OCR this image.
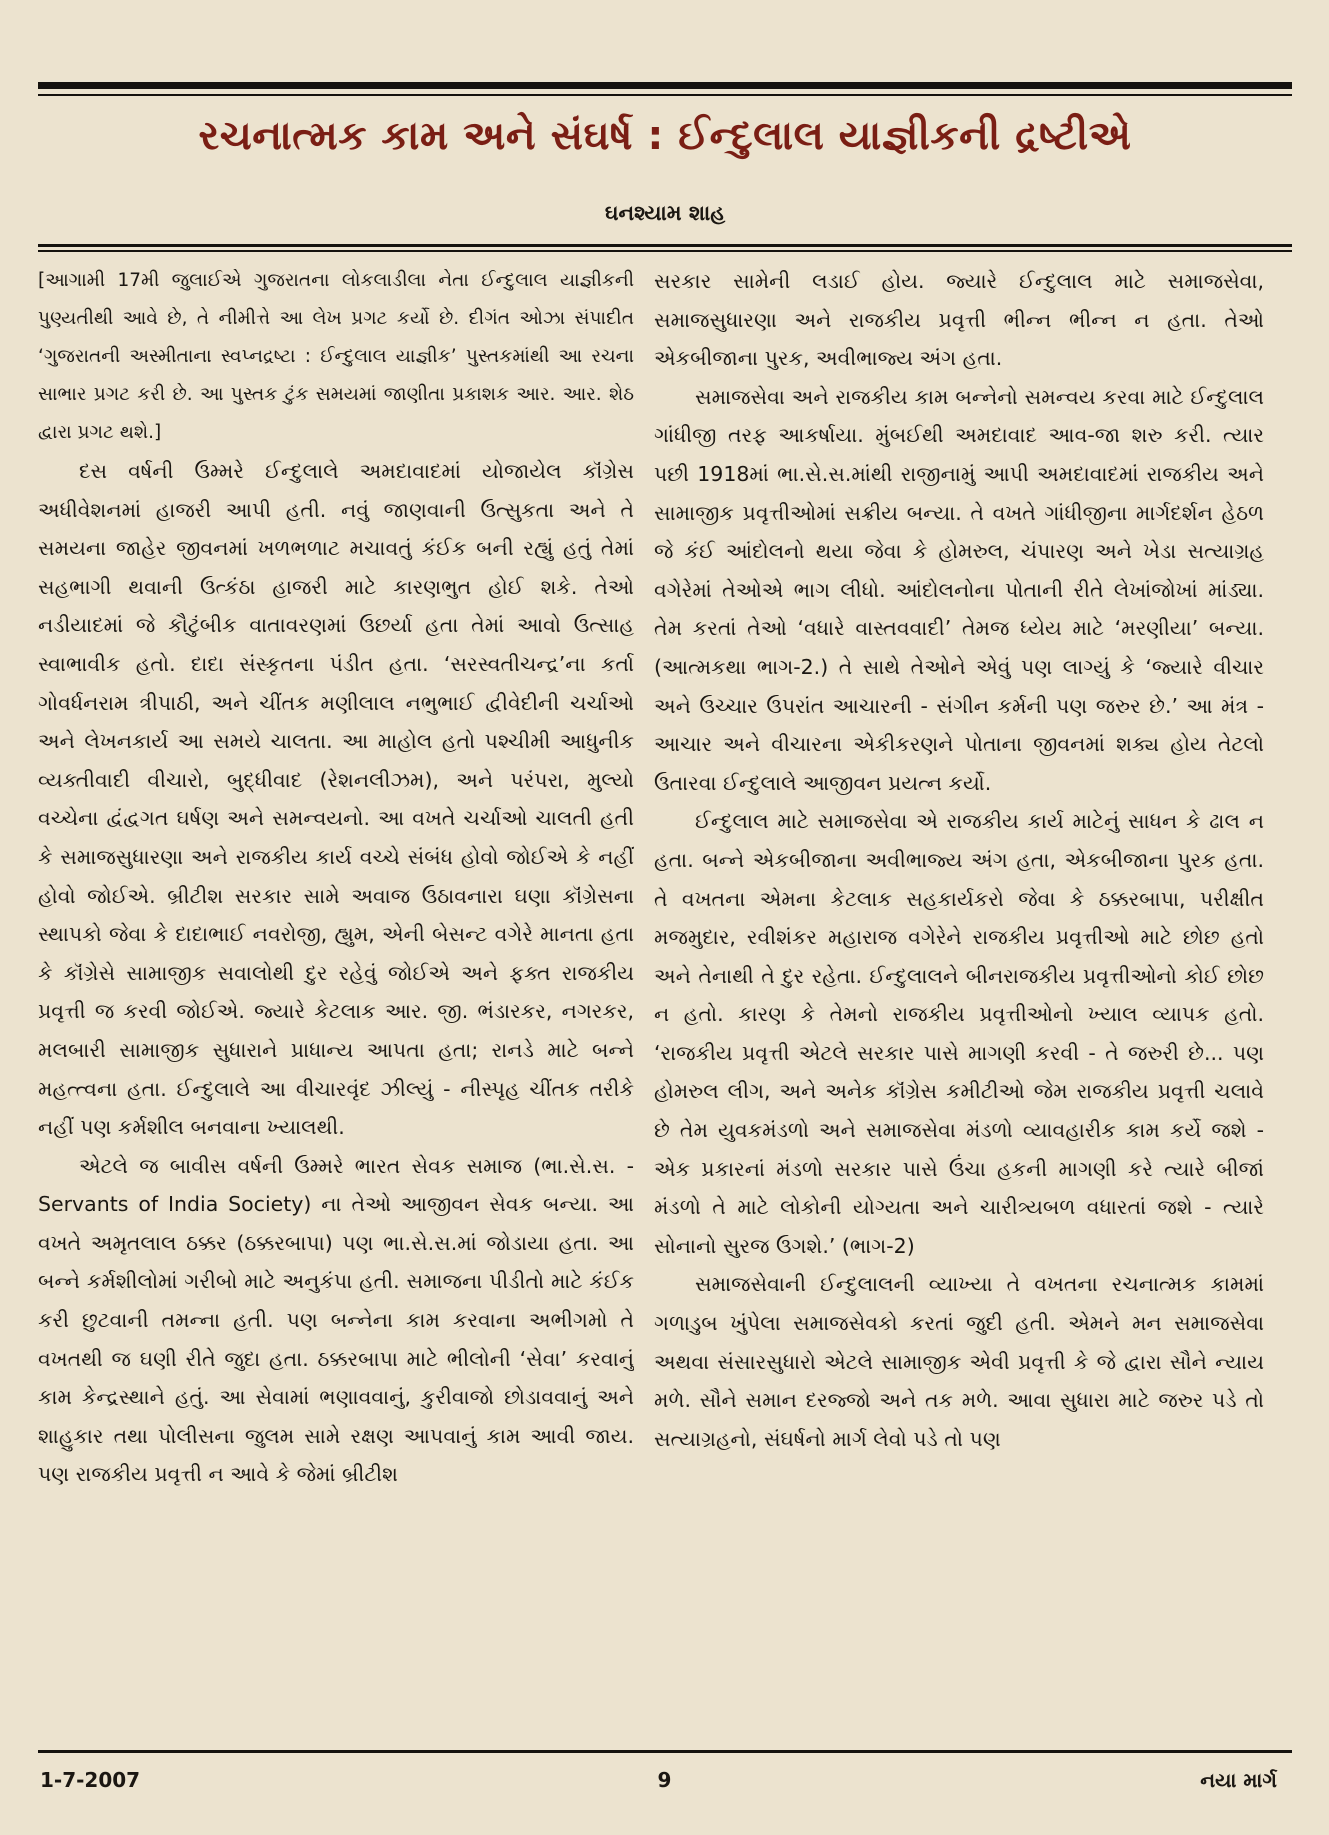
રચનાત્મક કામ અને સંઘર્ષ : ઈન્દુલાલ યાજ્ઞીકની દ્રષ્ટીએ
ઘનશ્યામ શાહ

[આગામી 17મી જુલાઈએ ગુજરાતના લોકલાડીલા નેતા ઈન્દુલાલ યાજ્ઞીકની પુણ્યતીથી આવે છે, તે નીમીત્તે આ લેખ પ્રગટ કર્યો છે. દીગંત ઓઝા સંપાદીત ‘ગુજરાતની અસ્મીતાના સ્વપ્નદ્રષ્ટા : ઈન્દુલાલ યાજ્ઞીક’ પુસ્તકમાંથી આ રચના સાભાર પ્રગટ કરી છે. આ પુસ્તક ટુંક સમયમાં જાણીતા પ્રકાશક આર. આર. શેઠ દ્વારા પ્રગટ થશે.]

દસ વર્ષની ઉમ્મરે ઈન્દુલાલે અમદાવાદમાં યોજાયેલ કૉંગ્રેસ અધીવેશનમાં હાજરી આપી હતી. નવું જાણવાની ઉત્સુકતા અને તે સમયના જાહેર જીવનમાં ખળભળાટ મચાવતું કંઈક બની રહ્યું હતું તેમાં સહભાગી થવાની ઉત્કંઠા હાજરી માટે કારણભુત હોઈ શકે. તેઓ નડીયાદમાં જે કૌટુંબીક વાતાવરણમાં ઉછર્યા હતા તેમાં આવો ઉત્સાહ સ્વાભાવીક હતો. દાદા સંસ્કૃતના પંડીત હતા. ‘સરસ્વતીચન્દ્ર’ના કર્તા ગોવર્ધનરામ ત્રીપાઠી, અને ચીંતક મણીલાલ નભુભાઈ દ્વીવેદીની ચર્ચાઓ અને લેખનકાર્ય આ સમયે ચાલતા. આ માહોલ હતો પશ્ચીમી આધુનીક વ્યક્તીવાદી વીચારો, બુદ્ધીવાદ (રેશનલીઝમ), અને પરંપરા, મુલ્યો વચ્ચેના દ્વંદ્વગત ઘર્ષણ અને સમન્વયનો. આ વખતે ચર્ચાઓ ચાલતી હતી કે સમાજસુધારણા અને રાજકીય કાર્ય વચ્ચે સંબંધ હોવો જોઈએ કે નહીં હોવો જોઈએ. બ્રીટીશ સરકાર સામે અવાજ ઉઠાવનારા ઘણા કૉંગ્રેસના સ્થાપકો જેવા કે દાદાભાઈ નવરોજી, હ્યુમ, એની બેસન્ટ વગેરે માનતા હતા કે કૉંગ્રેસે સામાજીક સવાલોથી દુર રહેવું જોઈએ અને ફક્ત રાજકીય પ્રવૃત્તી જ કરવી જોઈએ. જ્યારે કેટલાક આર. જી. ભંડારકર, નગરકર, મલબારી સામાજીક સુધારાને પ્રાધાન્ય આપતા હતા; રાનડે માટે બન્ને મહત્ત્વના હતા. ઈન્દુલાલે આ વીચારવૃંદ ઝીલ્યું - નીસ્પૃહ ચીંતક તરીકે નહીં પણ કર્મશીલ બનવાના ખ્યાલથી.

એટલે જ બાવીસ વર્ષની ઉમ્મરે ભારત સેવક સમાજ (ભા.સે.સ. - Servants of India Society) ના તેઓ આજીવન સેવક બન્યા. આ વખતે અમૃતલાલ ઠક્કર (ઠક્કરબાપા) પણ ભા.સે.સ.માં જોડાયા હતા. આ બન્ને કર્મશીલોમાં ગરીબો માટે અનુકંપા હતી. સમાજના પીડીતો માટે કંઈક કરી છુટવાની તમન્ના હતી. પણ બન્નેના કામ કરવાના અભીગમો તે વખતથી જ ઘણી રીતે જુદા હતા. ઠક્કરબાપા માટે ભીલોની ‘સેવા’ કરવાનું કામ કેન્દ્રસ્થાને હતું. આ સેવામાં ભણાવવાનું, કુરીવાજો છોડાવવાનું અને શાહુકાર તથા પોલીસના જુલમ સામે રક્ષણ આપવાનું કામ આવી જાય. પણ રાજકીય પ્રવૃત્તી ન આવે કે જેમાં બ્રીટીશ

સરકાર સામેની લડાઈ હોય. જ્યારે ઈન્દુલાલ માટે સમાજસેવા, સમાજસુધારણા અને રાજકીય પ્રવૃત્તી ભીન્ન ભીન્ન ન હતા. તેઓ એકબીજાના પુરક, અવીભાજ્ય અંગ હતા.

સમાજસેવા અને રાજકીય કામ બન્નેનો સમન્વય કરવા માટે ઈન્દુલાલ ગાંધીજી તરફ આકર્ષાયા. મુંબઈથી અમદાવાદ આવ-જા શરુ કરી. ત્યાર પછી 1918માં ભા.સે.સ.માંથી રાજીનામું આપી અમદાવાદમાં રાજકીય અને સામાજીક પ્રવૃત્તીઓમાં સક્રીય બન્યા. તે વખતે ગાંધીજીના માર્ગદર્શન હેઠળ જે કંઈ આંદોલનો થયા જેવા કે હોમરુલ, ચંપારણ અને ખેડા સત્યાગ્રહ વગેરેમાં તેઓએ ભાગ લીધો. આંદોલનોના પોતાની રીતે લેખાંજોખાં માંડ્યા. તેમ કરતાં તેઓ ‘વધારે વાસ્તવવાદી’ તેમજ ધ્યેય માટે ‘મરણીયા’ બન્યા. (આત્મકથા ભાગ-2.) તે સાથે તેઓને એવું પણ લાગ્યું કે ‘જ્યારે વીચાર અને ઉચ્ચાર ઉપરાંત આચારની - સંગીન કર્મની પણ જરુર છે.’ આ મંત્ર - આચાર અને વીચારના એકીકરણને પોતાના જીવનમાં શક્ય હોય તેટલો ઉતારવા ઈન્દુલાલે આજીવન પ્રયત્ન કર્યો.

ઈન્દુલાલ માટે સમાજસેવા એ રાજકીય કાર્ય માટેનું સાધન કે ઢાલ ન હતા. બન્ને એકબીજાના અવીભાજ્ય અંગ હતા, એકબીજાના પુરક હતા. તે વખતના એમના કેટલાક સહકાર્યકરો જેવા કે ઠક્કરબાપા, પરીક્ષીત મજમુદાર, રવીશંકર મહારાજ વગેરેને રાજકીય પ્રવૃત્તીઓ માટે છોછ હતો અને તેનાથી તે દુર રહેતા. ઈન્દુલાલને બીનરાજકીય પ્રવૃત્તીઓનો કોઈ છોછ ન હતો. કારણ કે તેમનો રાજકીય પ્રવૃત્તીઓનો ખ્યાલ વ્યાપક હતો. ‘રાજકીય પ્રવૃત્તી એટલે સરકાર પાસે માગણી કરવી - તે જરુરી છે... પણ હોમરુલ લીગ, અને અનેક કૉંગ્રેસ કમીટીઓ જેમ રાજકીય પ્રવૃત્તી ચલાવે છે તેમ યુવકમંડળો અને સમાજસેવા મંડળો વ્યાવહારીક કામ કર્યે જશે - એક પ્રકારનાં મંડળો સરકાર પાસે ઉંચા હકની માગણી કરે ત્યારે બીજાં મંડળો તે માટે લોકોની યોગ્યતા અને ચારીત્ર્યબળ વધારતાં જશે - ત્યારે સોનાનો સુરજ ઉગશે.’ (ભાગ-2)

સમાજસેવાની ઈન્દુલાલની વ્યાખ્યા તે વખતના રચનાત્મક કામમાં ગળાડુબ ખુંપેલા સમાજસેવકો કરતાં જુદી હતી. એમને મન સમાજસેવા અથવા સંસારસુધારો એટલે સામાજીક એવી પ્રવૃત્તી કે જે દ્વારા સૌને ન્યાય મળે. સૌને સમાન દરજ્જો અને તક મળે. આવા સુધારા માટે જરુર પડે તો સત્યાગ્રહનો, સંઘર્ષનો માર્ગ લેવો પડે તો પણ

1-7-2007	9	નયા માર્ગ
